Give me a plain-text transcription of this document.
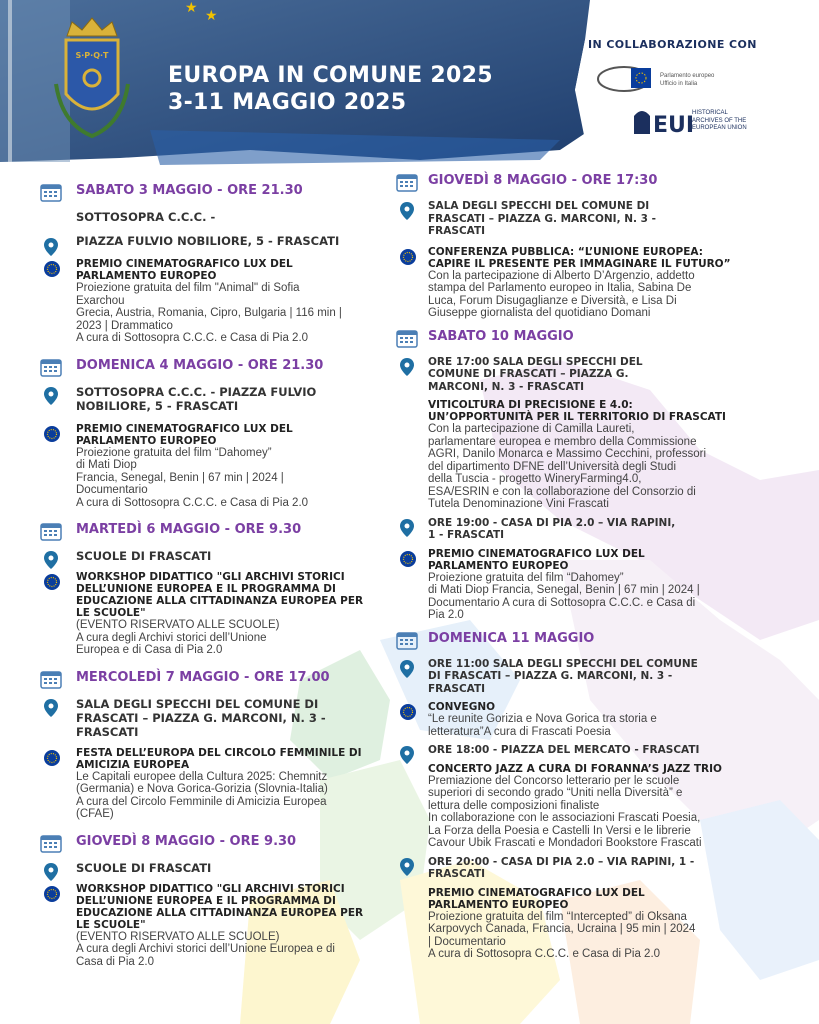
★ ★
S·P·Q·T
EUROPA IN COMUNE 2025
3-11 MAGGIO 2025
IN COLLABORAZIONE CON
Parlamento europeo
Ufficio in Italia
EUI
HISTORICAL
ARCHIVES OF THE
EUROPEAN UNION
SABATO 3 MAGGIO - ORE 21.30
SOTTOSOPRA C.C.C. -
PIAZZA FULVIO NOBILIORE, 5 - FRASCATI
PREMIO CINEMATOGRAFICO LUX DEL
PARLAMENTO EUROPEO
Proiezione gratuita del film "Animal" di Sofia
Exarchou
Grecia, Austria, Romania, Cipro, Bulgaria | 116 min |
2023 | Drammatico
A cura di Sottosopra C.C.C. e Casa di Pia 2.0
DOMENICA 4 MAGGIO - ORE 21.30
SOTTOSOPRA C.C.C. - PIAZZA FULVIO
NOBILIORE, 5 - FRASCATI
PREMIO CINEMATOGRAFICO LUX DEL
PARLAMENTO EUROPEO
Proiezione gratuita del film “Dahomey”
di Mati Diop
Francia, Senegal, Benin | 67 min | 2024 |
Documentario
A cura di Sottosopra C.C.C. e Casa di Pia 2.0
MARTEDÌ 6 MAGGIO - ORE 9.30
SCUOLE DI FRASCATI
WORKSHOP DIDATTICO "GLI ARCHIVI STORICI
DELL’UNIONE EUROPEA E IL PROGRAMMA DI
EDUCAZIONE ALLA CITTADINANZA EUROPEA PER
LE SCUOLE"
(EVENTO RISERVATO ALLE SCUOLE)
A cura degli Archivi storici dell’Unione
Europea e di Casa di Pia 2.0
MERCOLEDÌ 7 MAGGIO - ORE 17.00
SALA DEGLI SPECCHI DEL COMUNE DI
FRASCATI – PIAZZA G. MARCONI, N. 3 -
FRASCATI
FESTA DELL’EUROPA DEL CIRCOLO FEMMINILE DI
AMICIZIA EUROPEA
Le Capitali europee della Cultura 2025: Chemnitz
(Germania) e Nova Gorica-Gorizia (Slovnia-Italia)
A cura del Circolo Femminile di Amicizia Europea
(CFAE)
GIOVEDÌ 8 MAGGIO - ORE 9.30
SCUOLE DI FRASCATI
WORKSHOP DIDATTICO "GLI ARCHIVI STORICI
DELL’UNIONE EUROPEA E IL PROGRAMMA DI
EDUCAZIONE ALLA CITTADINANZA EUROPEA PER
LE SCUOLE"
(EVENTO RISERVATO ALLE SCUOLE)
A cura degli Archivi storici dell’Unione Europea e di
Casa di Pia 2.0
GIOVEDÌ 8 MAGGIO - ORE 17:30
SALA DEGLI SPECCHI DEL COMUNE DI
FRASCATI – PIAZZA G. MARCONI, N. 3 -
FRASCATI
CONFERENZA PUBBLICA: “L’UNIONE EUROPEA:
CAPIRE IL PRESENTE PER IMMAGINARE IL FUTURO”
Con la partecipazione di Alberto D’Argenzio, addetto
stampa del Parlamento europeo in Italia, Sabina De
Luca, Forum Disugaglianze e Diversità, e Lisa Di
Giuseppe giornalista del quotidiano Domani
SABATO 10 MAGGIO
ORE 17:00 SALA DEGLI SPECCHI DEL
COMUNE DI FRASCATI – PIAZZA G.
MARCONI, N. 3 - FRASCATI
VITICOLTURA DI PRECISIONE E 4.0:
UN’OPPORTUNITÀ PER IL TERRITORIO DI FRASCATI
Con la partecipazione di Camilla Laureti,
parlamentare europea e membro della Commissione
AGRI, Danilo Monarca e Massimo Cecchini, professori
del dipartimento DFNE dell’Università degli Studi
della Tuscia - progetto WineryFarming4.0,
ESA/ESRIN e con la collaborazione del Consorzio di
Tutela Denominazione Vini Frascati
ORE 19:00 - CASA DI PIA 2.0 – VIA RAPINI,
1 - FRASCATI
PREMIO CINEMATOGRAFICO LUX DEL
PARLAMENTO EUROPEO
Proiezione gratuita del film “Dahomey”
di Mati Diop Francia, Senegal, Benin | 67 min | 2024 |
Documentario A cura di Sottosopra C.C.C. e Casa di
Pia 2.0
DOMENICA 11 MAGGIO
ORE 11:00 SALA DEGLI SPECCHI DEL COMUNE
DI FRASCATI – PIAZZA G. MARCONI, N. 3 -
FRASCATI
CONVEGNO
“Le reunite Gorizia e Nova Gorica tra storia e
letteratura”A cura di Frascati Poesia
ORE 18:00 - PIAZZA DEL MERCATO - FRASCATI
CONCERTO JAZZ A CURA DI FORANNA’S JAZZ TRIO
Premiazione del Concorso letterario per le scuole
superiori di secondo grado “Uniti nella Diversità” e
lettura delle composizioni finaliste
In collaborazione con le associazioni Frascati Poesia,
La Forza della Poesia e Castelli In Versi e le librerie
Cavour Ubik Frascati e Mondadori Bookstore Frascati
ORE 20:00 - CASA DI PIA 2.0 – VIA RAPINI, 1 -
FRASCATI
PREMIO CINEMATOGRAFICO LUX DEL
PARLAMENTO EUROPEO
Proiezione gratuita del film “Intercepted” di Oksana
Karpovych Canada, Francia, Ucraina | 95 min | 2024
| Documentario
A cura di Sottosopra C.C.C. e Casa di Pia 2.0
